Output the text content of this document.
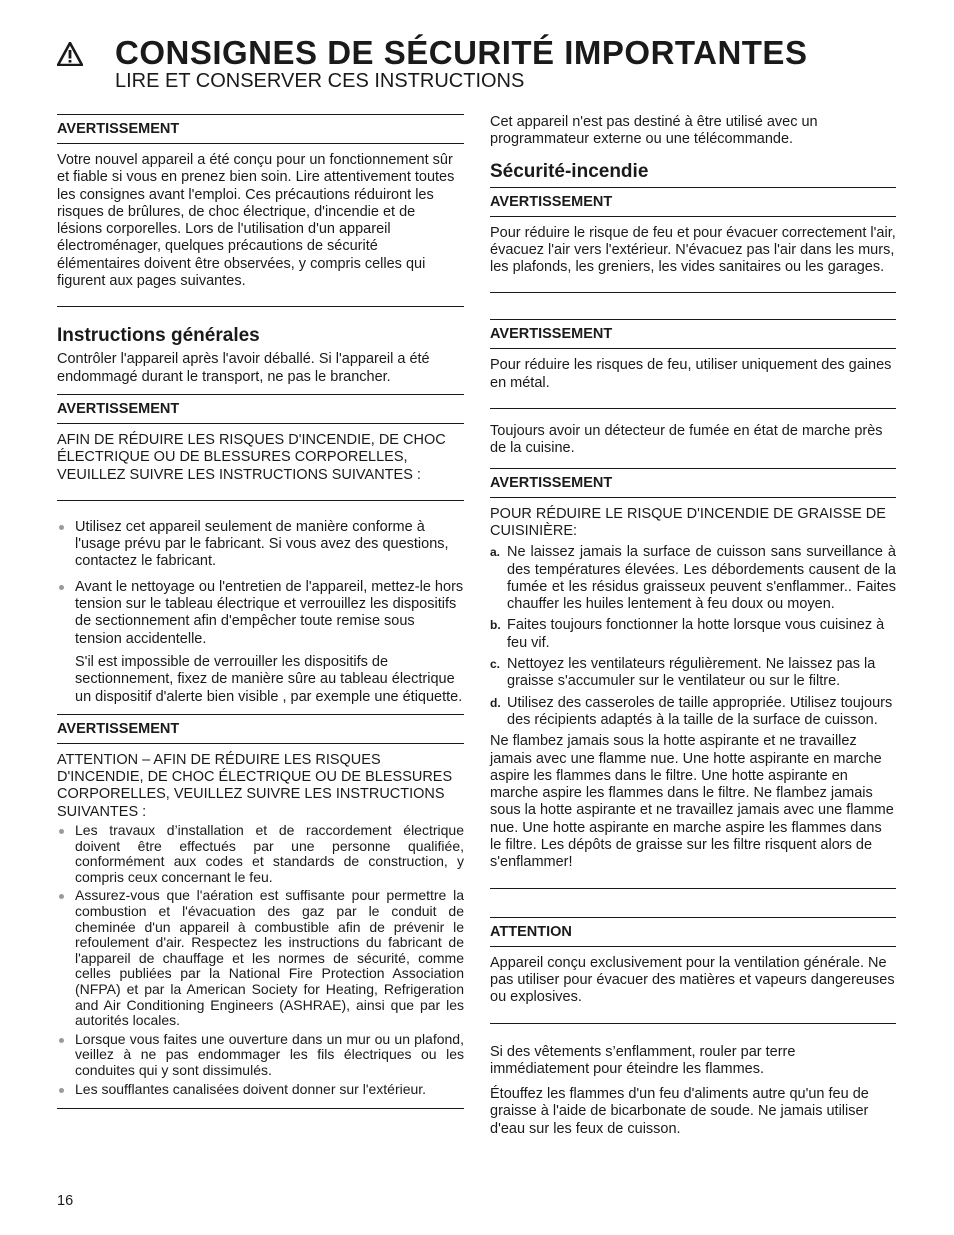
CONSIGNES DE SÉCURITÉ IMPORTANTES
LIRE ET CONSERVER CES INSTRUCTIONS
AVERTISSEMENT

Votre nouvel appareil a été conçu pour un fonctionnement sûr et fiable si vous en prenez bien soin. Lire attentivement toutes les consignes avant l'emploi. Ces précautions réduiront les risques de brûlures, de choc électrique, d'incendie et de lésions corporelles. Lors de l'utilisation d'un appareil électroménager, quelques précautions de sécurité élémentaires doivent être observées, y compris celles qui figurent aux pages suivantes.

Instructions générales

Contrôler l'appareil après l'avoir déballé. Si l'appareil a été endommagé durant le transport, ne pas le brancher.

AVERTISSEMENT

AFIN DE RÉDUIRE LES RISQUES D'INCENDIE, DE CHOC ÉLECTRIQUE OU DE BLESSURES CORPORELLES, VEUILLEZ SUIVRE LES INSTRUCTIONS SUIVANTES :

Utilisez cet appareil seulement de manière conforme à l'usage prévu par le fabricant. Si vous avez des questions, contactez le fabricant.

Avant le nettoyage ou l'entretien de l'appareil, mettez-le hors tension sur le tableau électrique et verrouillez les dispositifs de sectionnement afin d'empêcher toute remise sous tension accidentelle.

S'il est impossible de verrouiller les dispositifs de sectionnement, fixez de manière sûre au tableau électrique un dispositif d'alerte bien visible , par exemple une étiquette.

AVERTISSEMENT

ATTENTION – AFIN DE RÉDUIRE LES RISQUES D'INCENDIE, DE CHOC ÉLECTRIQUE OU DE BLESSURES CORPORELLES, VEUILLEZ SUIVRE LES INSTRUCTIONS SUIVANTES :

Les travaux d’installation et de raccordement électrique doivent être effectués par une personne qualifiée, conformément aux codes et standards de construction, y compris ceux concernant le feu.

Assurez-vous que l'aération est suffisante pour permettre la combustion et l'évacuation des gaz par le conduit de cheminée d'un appareil à combustible afin de prévenir le refoulement d'air. Respectez les instructions du fabricant de l'appareil de chauffage et les normes de sécurité, comme celles publiées par la National Fire Protection Association (NFPA) et par la American Society for Heating, Refrigeration and Air Conditioning Engineers (ASHRAE), ainsi que par les autorités locales.

Lorsque vous faites une ouverture dans un mur ou un plafond, veillez à ne pas endommager les fils électriques ou les conduites qui y sont dissimulés.

Les soufflantes canalisées doivent donner sur l'extérieur.

Cet appareil n'est pas destiné à être utilisé avec un programmateur externe ou une télécommande.

Sécurité-incendie
AVERTISSEMENT

Pour réduire le risque de feu et pour évacuer correctement l'air, évacuez l'air vers l'extérieur. N'évacuez pas l'air dans les murs, les plafonds, les greniers, les vides sanitaires ou les garages.

AVERTISSEMENT

Pour réduire les risques de feu, utiliser uniquement des gaines en métal.

Toujours avoir un détecteur de fumée en état de marche près de la cuisine.

AVERTISSEMENT

POUR RÉDUIRE LE RISQUE D'INCENDIE DE GRAISSE DE CUISINIÈRE:

a. Ne laissez jamais la surface de cuisson sans surveillance à des températures élevées. Les débordements causent de la fumée et les résidus graisseux peuvent s'enflammer.. Faites chauffer les huiles lentement à feu doux ou moyen.

b. Faites toujours fonctionner la hotte lorsque vous cuisinez à feu vif.

c. Nettoyez les ventilateurs régulièrement. Ne laissez pas la graisse s'accumuler sur le ventilateur ou sur le filtre.

d. Utilisez des casseroles de taille appropriée. Utilisez toujours des récipients adaptés à la taille de la surface de cuisson.

Ne flambez jamais sous la hotte aspirante et ne travaillez jamais avec une flamme nue. Une hotte aspirante en marche aspire les flammes dans le filtre. Une hotte aspirante en marche aspire les flammes dans le filtre. Ne flambez jamais sous la hotte aspirante et ne travaillez jamais avec une flamme nue. Une hotte aspirante en marche aspire les flammes dans le filtre. Les dépôts de graisse sur les filtre risquent alors de s'enflammer!

ATTENTION

Appareil conçu exclusivement pour la ventilation générale. Ne pas utiliser pour évacuer des matières et vapeurs dangereuses ou explosives.

Si des vêtements s’enflamment, rouler par terre immédiatement pour éteindre les flammes.

Étouffez les flammes d'un feu d'aliments autre qu'un feu de graisse à l'aide de bicarbonate de soude. Ne jamais utiliser d'eau sur les feux de cuisson.

16
